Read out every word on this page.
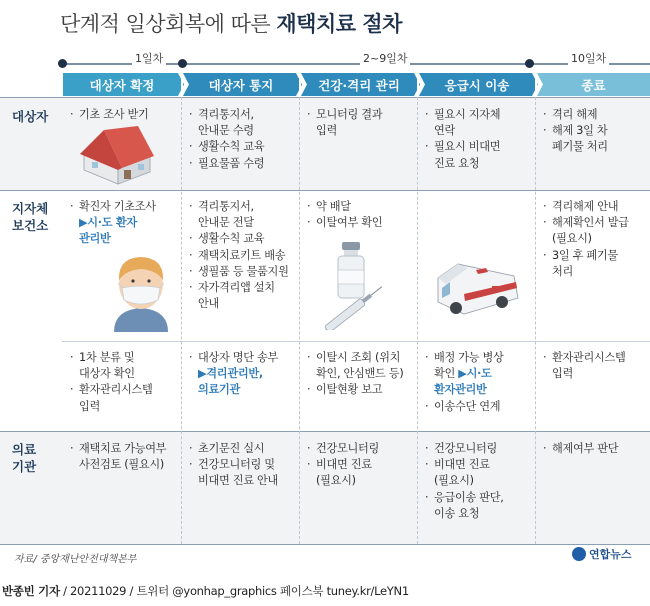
단계적 일상회복에 따른 재택치료 절차
1일차	2~9일차	10일차
대상자 확정	대상자 통지	건강·격리 관리	응급시 이송	종료
대상자
지자체
보건소
의료
기관
· 기초 조사 받기
·	격리통지서,
안내문 수령
· 생활수칙 교육
· 필요물품 수령
· 모니터링 결과
입력
· 필요시 지자체
연락
· 필요시 비대면
진료 요청
· 격리 해제
· 해제 3일 차
폐기물 처리
· 확진자 기초조사
▶시·도 환자
관리반
· 격리통지서,
안내문 전달
· 생활수칙 교육
· 재택치료키트 배송
· 생필품 등 물품지원
· 자가격리앱 설치
안내
· 약 배달
· 이탈여부 확인
· 격리해제 안내
· 해제확인서 발급
(필요시)
· 3일 후 폐기물
처리
· 1차 분류 및
대상자 확인
· 환자관리시스템
입력
· 대상자 명단 송부
▶격리관리반,
의료기관
· 이탈시 조회 (위치
확인, 안심밴드 등)
· 이탈현황 보고
· 배정 가능 병상
확인 ▶시·도
환자관리반
· 이송수단 연계
· 환자관리시스템
입력
· 재택치료 가능여부
사전검토 (필요시)
· 초기문진 실시
· 건강모니터링 및
비대면 진료 안내
· 건강모니터링
· 비대면 진료
(필요시)
· 건강모니터링
· 비대면 진료
(필요시)
· 응급이송 판단,
이송 요청
· 해제여부 판단
자료/ 중앙재난안전대책본부	연합뉴스
반종빈 기자 / 20211029 / 트위터 @yonhap_graphics 페이스북 tuney.kr/LeYN1
